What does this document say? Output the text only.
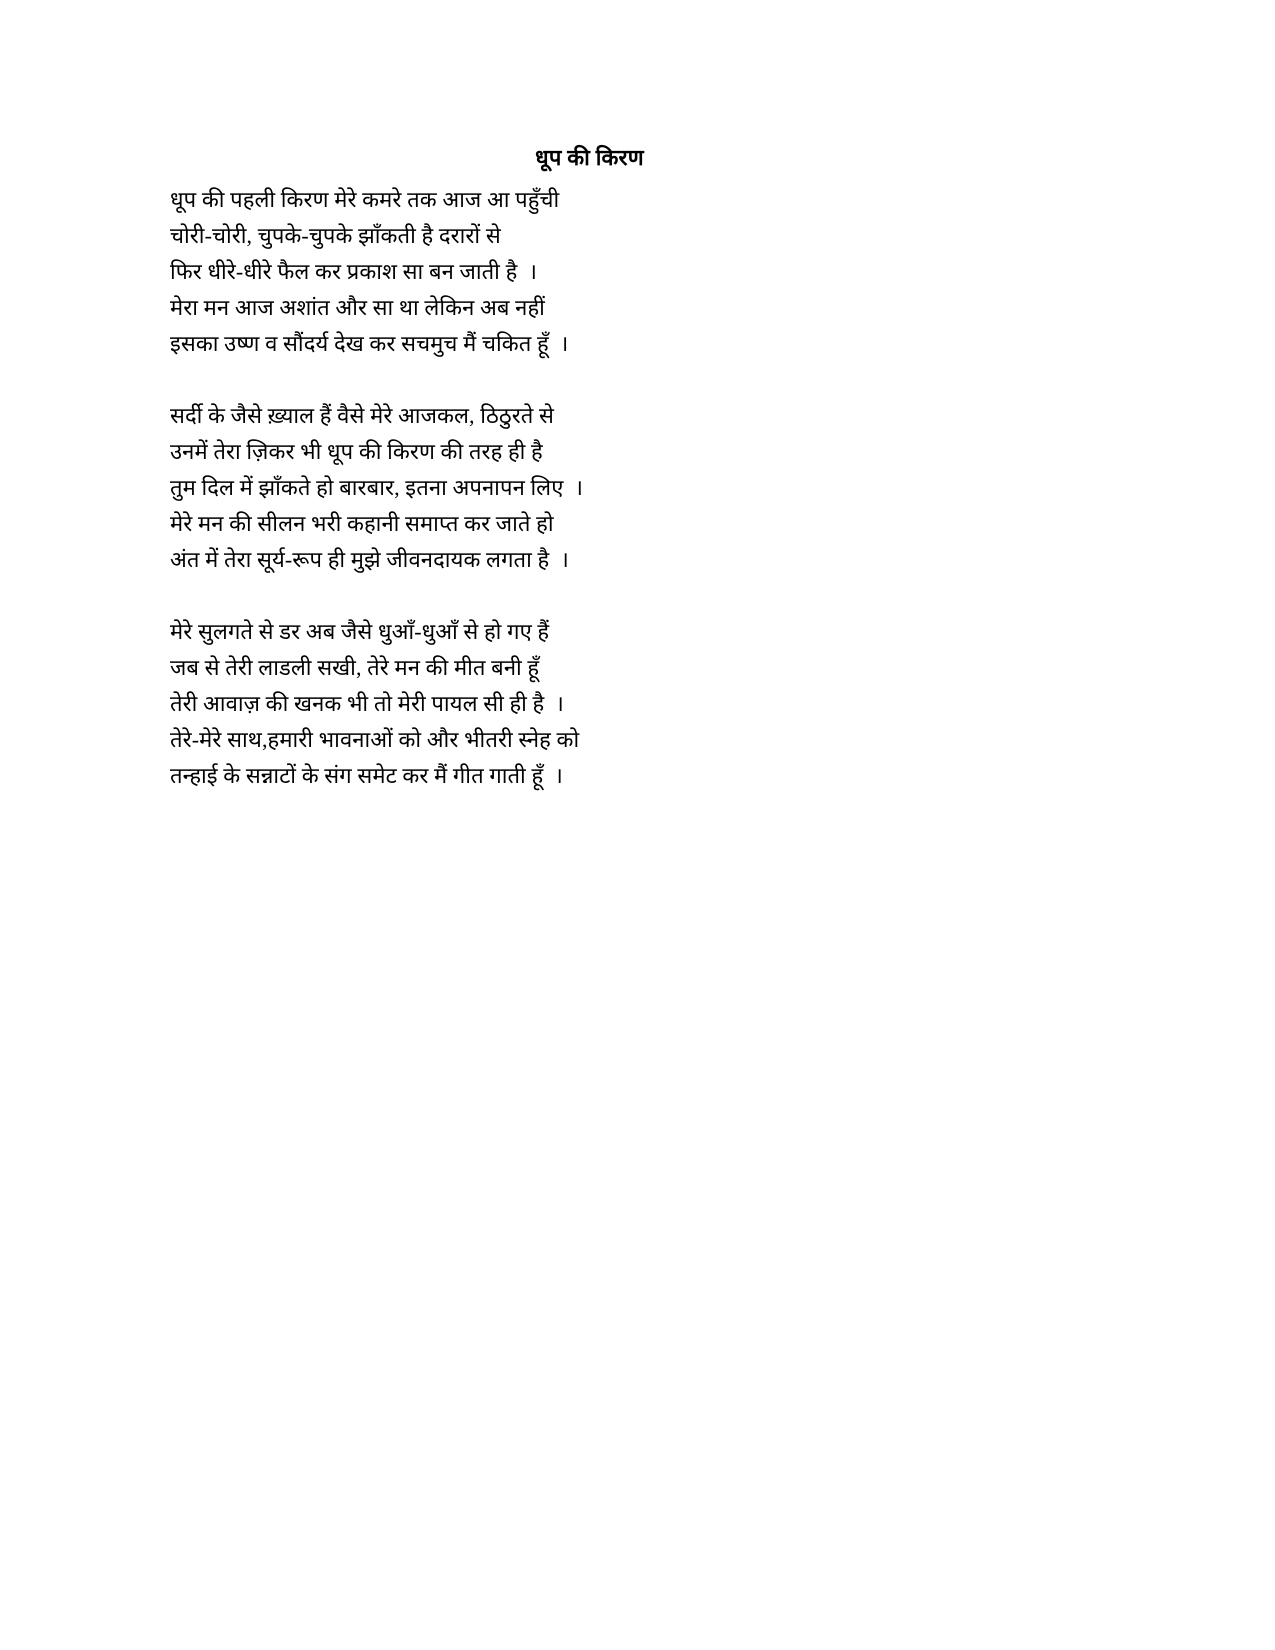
धूप की किरण
धूप की पहली किरण मेरे कमरे तक आज आ पहुँची
चोरी-चोरी, चुपके-चुपके झाँकती है दरारों से
फिर धीरे-धीरे फैल कर प्रकाश सा बन जाती है  ।
मेरा मन आज अशांत और सा था लेकिन अब नहीं
इसका उष्ण व सौंदर्य देख कर सचमुच मैं चकित हूँ  ।
सर्दी के जैसे ख़्याल हैं वैसे मेरे आजकल, ठिठुरते से
उनमें तेरा ज़िकर भी धूप की किरण की तरह ही है
तुम दिल में झाँकते हो बारबार, इतना अपनापन लिए  ।
मेरे मन की सीलन भरी कहानी समाप्त कर जाते हो
अंत में तेरा सूर्य-रूप ही मुझे जीवनदायक लगता है  ।
मेरे सुलगते से डर अब जैसे धुआँ-धुआँ से हो गए हैं
जब से तेरी लाडली सखी, तेरे मन की मीत बनी हूँ
तेरी आवाज़ की खनक भी तो मेरी पायल सी ही है  ।
तेरे-मेरे साथ,हमारी भावनाओं को और भीतरी स्नेह को
तन्हाई के सन्नाटों के संग समेट कर मैं गीत गाती हूँ  ।
